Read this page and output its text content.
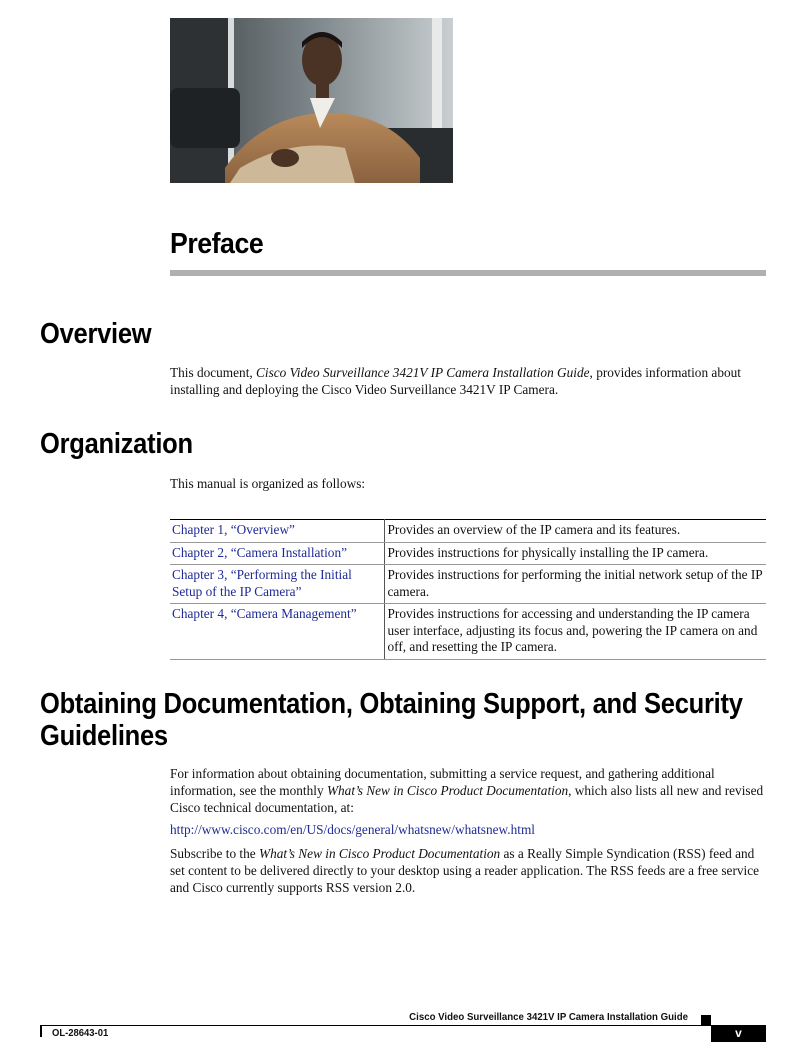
Preface
Overview
This document, Cisco Video Surveillance 3421V IP Camera Installation Guide, provides information about installing and deploying the Cisco Video Surveillance 3421V IP Camera.
Organization
This manual is organized as follows:
Chapter 1, “Overview”	Provides an overview of the IP camera and its features.
Chapter 2, “Camera Installation”	Provides instructions for physically installing the IP camera.
Chapter 3, “Performing the Initial Setup of the IP Camera”	Provides instructions for performing the initial network setup of the IP camera.
Chapter 4, “Camera Management”	Provides instructions for accessing and understanding the IP camera user interface, adjusting its focus and, powering the IP camera on and off, and resetting the IP camera.
Obtaining Documentation, Obtaining Support, and Security
Guidelines
For information about obtaining documentation, submitting a service request, and gathering additional information, see the monthly What’s New in Cisco Product Documentation, which also lists all new and revised Cisco technical documentation, at:
http://www.cisco.com/en/US/docs/general/whatsnew/whatsnew.html
Subscribe to the What’s New in Cisco Product Documentation as a Really Simple Syndication (RSS) feed and set content to be delivered directly to your desktop using a reader application. The RSS feeds are a free service and Cisco currently supports RSS version 2.0.
Cisco Video Surveillance 3421V IP Camera Installation Guide
OL-28643-01	v
